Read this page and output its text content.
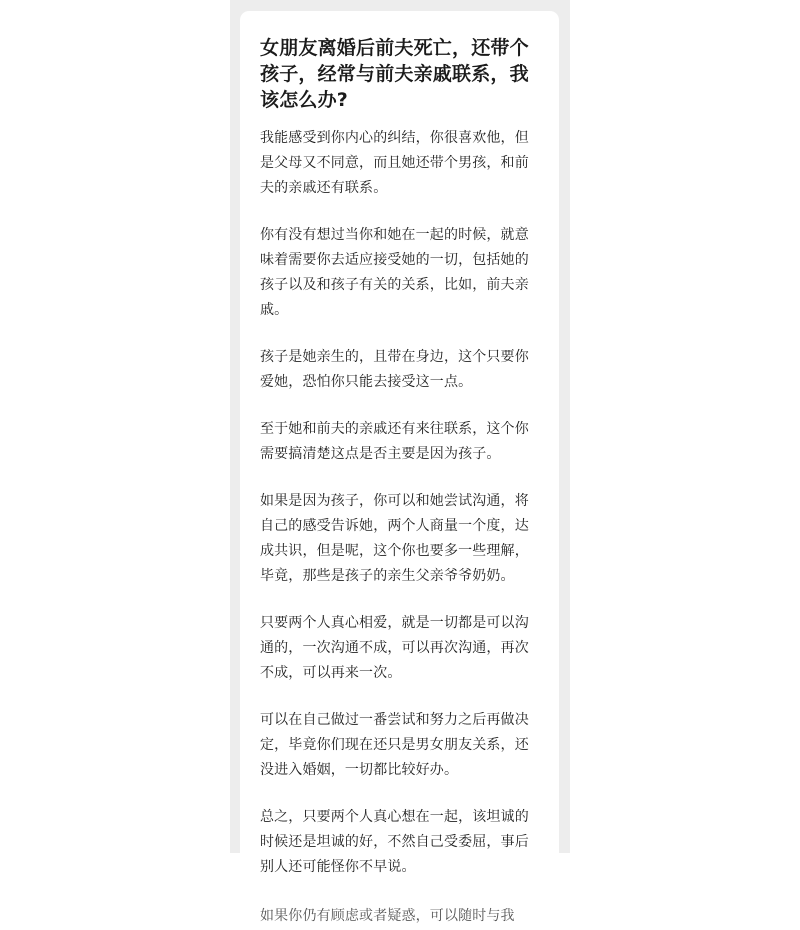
女朋友离婚后前夫死亡，还带个孩子，经常与前夫亲戚联系，我该怎么办?
我能感受到你内心的纠结，你很喜欢他，但是父母又不同意，而且她还带个男孩，和前夫的亲戚还有联系。
你有没有想过当你和她在一起的时候，就意味着需要你去适应接受她的一切，包括她的孩子以及和孩子有关的关系，比如，前夫亲戚。
孩子是她亲生的，且带在身边，这个只要你爱她，恐怕你只能去接受这一点。
至于她和前夫的亲戚还有来往联系，这个你需要搞清楚这点是否主要是因为孩子。
如果是因为孩子，你可以和她尝试沟通，将自己的感受告诉她，两个人商量一个度，达成共识，但是呢，这个你也要多一些理解，毕竟，那些是孩子的亲生父亲爷爷奶奶。
只要两个人真心相爱，就是一切都是可以沟通的，一次沟通不成，可以再次沟通，再次不成，可以再来一次。
可以在自己做过一番尝试和努力之后再做决定，毕竟你们现在还只是男女朋友关系，还没进入婚姻，一切都比较好办。
总之，只要两个人真心想在一起，该坦诚的时候还是坦诚的好，不然自己受委屈，事后别人还可能怪你不早说。
如果你仍有顾虑或者疑惑，可以随时与我
